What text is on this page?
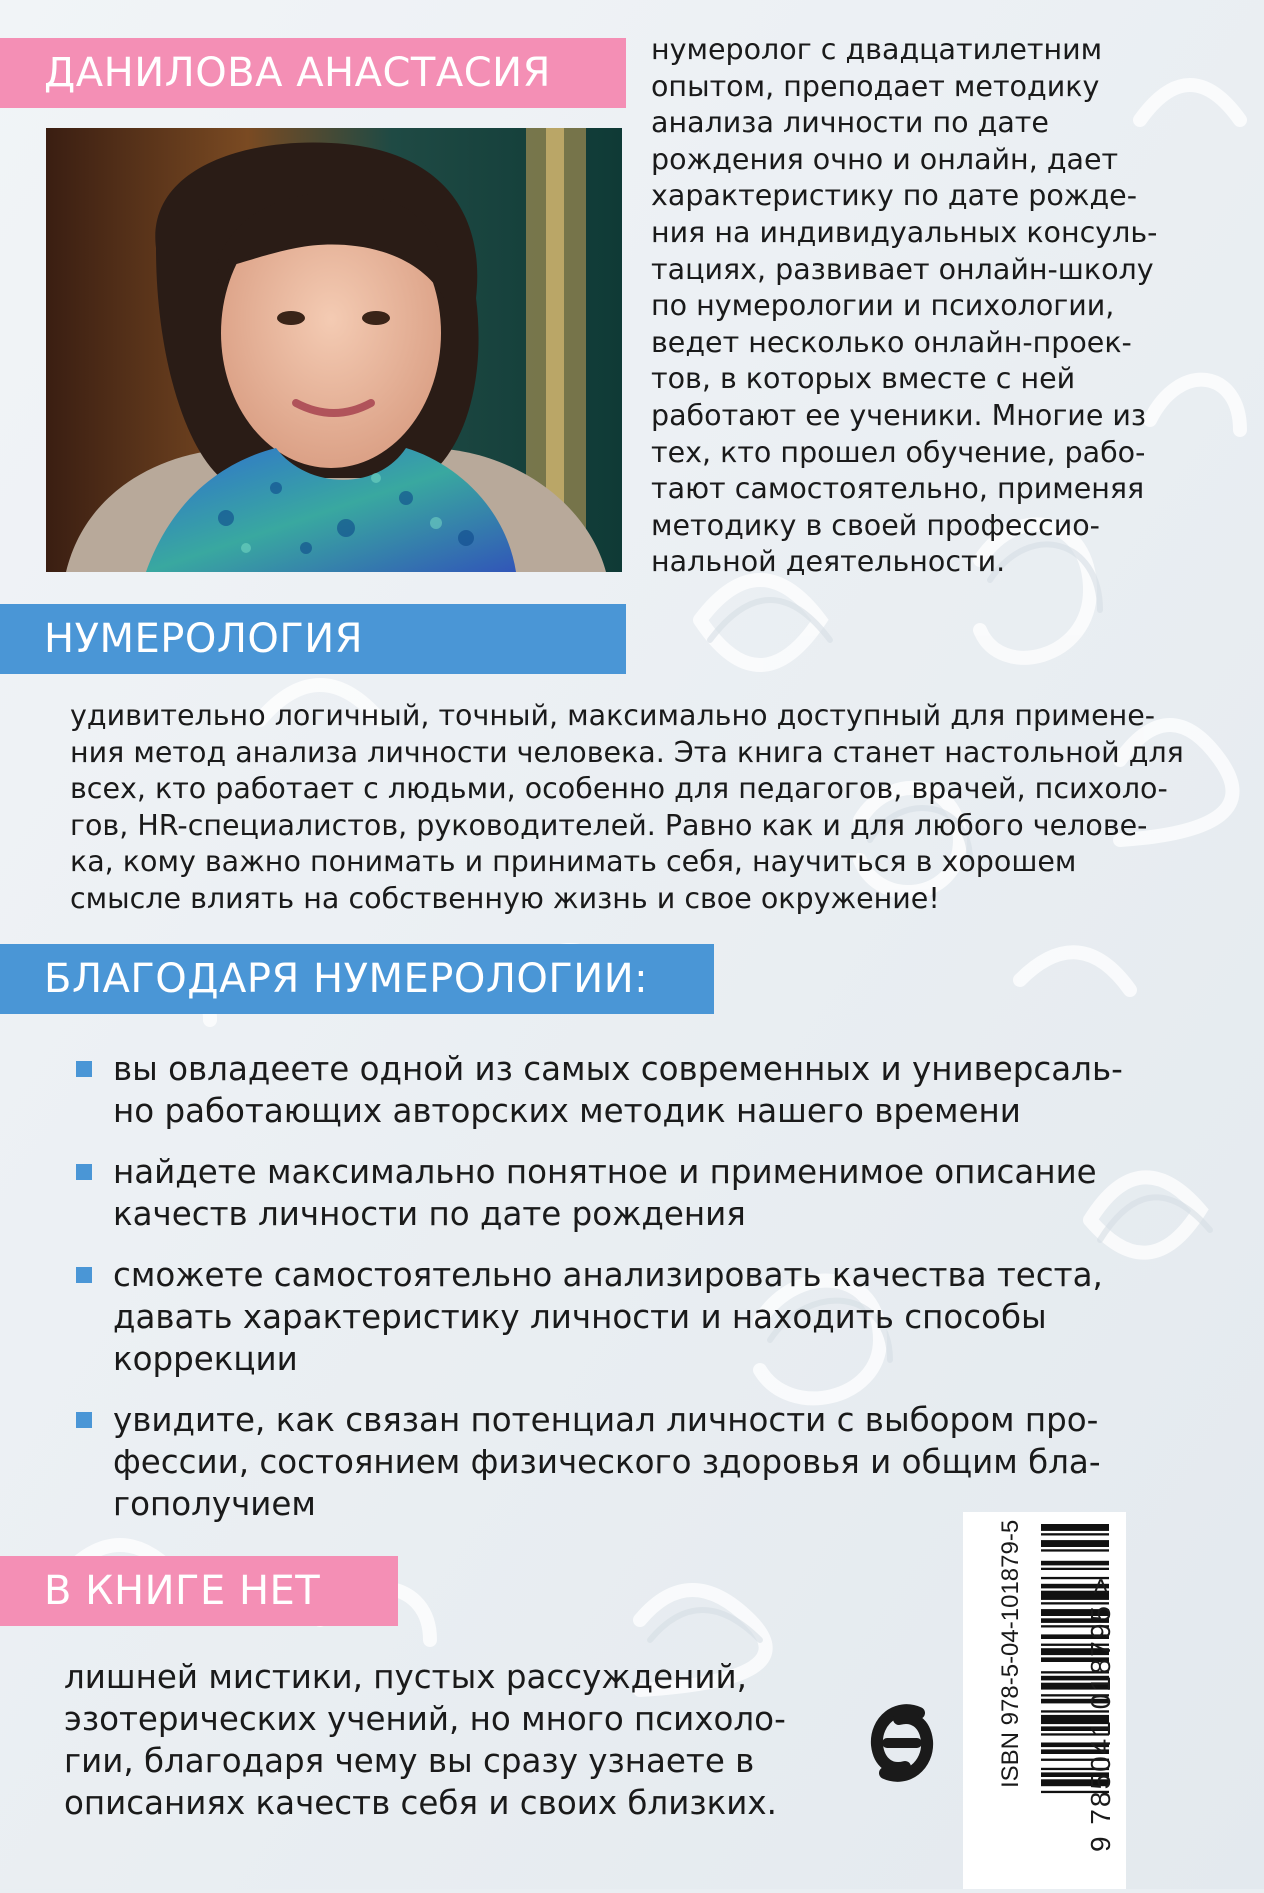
ДАНИЛОВА АНАСТАСИЯ
нумеролог с двадцатилетним
опытом, преподает методику
анализа личности по дате
рождения очно и онлайн, дает
характеристику по дате рожде-
ния на индивидуальных консуль-
тациях, развивает онлайн-школу
по нумерологии и психологии,
ведет несколько онлайн-проек-
тов, в которых вместе с ней
работают ее ученики. Многие из
тех, кто прошел обучение, рабо-
тают самостоятельно, применяя
методику в своей профессио-
нальной деятельности.
НУМЕРОЛОГИЯ
удивительно логичный, точный, максимально доступный для примене-
ния метод анализа личности человека. Эта книга станет настольной для
всех, кто работает с людьми, особенно для педагогов, врачей, психоло-
гов, HR-специалистов, руководителей. Равно как и для любого челове-
ка, кому важно понимать и принимать себя, научиться в хорошем
смысле влиять на собственную жизнь и свое окружение!
БЛАГОДАРЯ НУМЕРОЛОГИИ:
вы овладеете одной из самых современных и универсаль-
но работающих авторских методик нашего времени
найдете максимально понятное и применимое описание
качеств личности по дате рождения
сможете самостоятельно анализировать качества теста,
давать характеристику личности и находить способы
коррекции
увидите, как связан потенциал личности с выбором про-
фессии, состоянием физического здоровья и общим бла-
гополучием
В КНИГЕ НЕТ
лишней мистики, пустых рассуждений,
эзотерических учений, но много психоло-
гии, благодаря чему вы сразу узнаете в
описаниях качеств себя и своих близких.
ISBN 978-5-04-101879-5 9 785041 018795 >
